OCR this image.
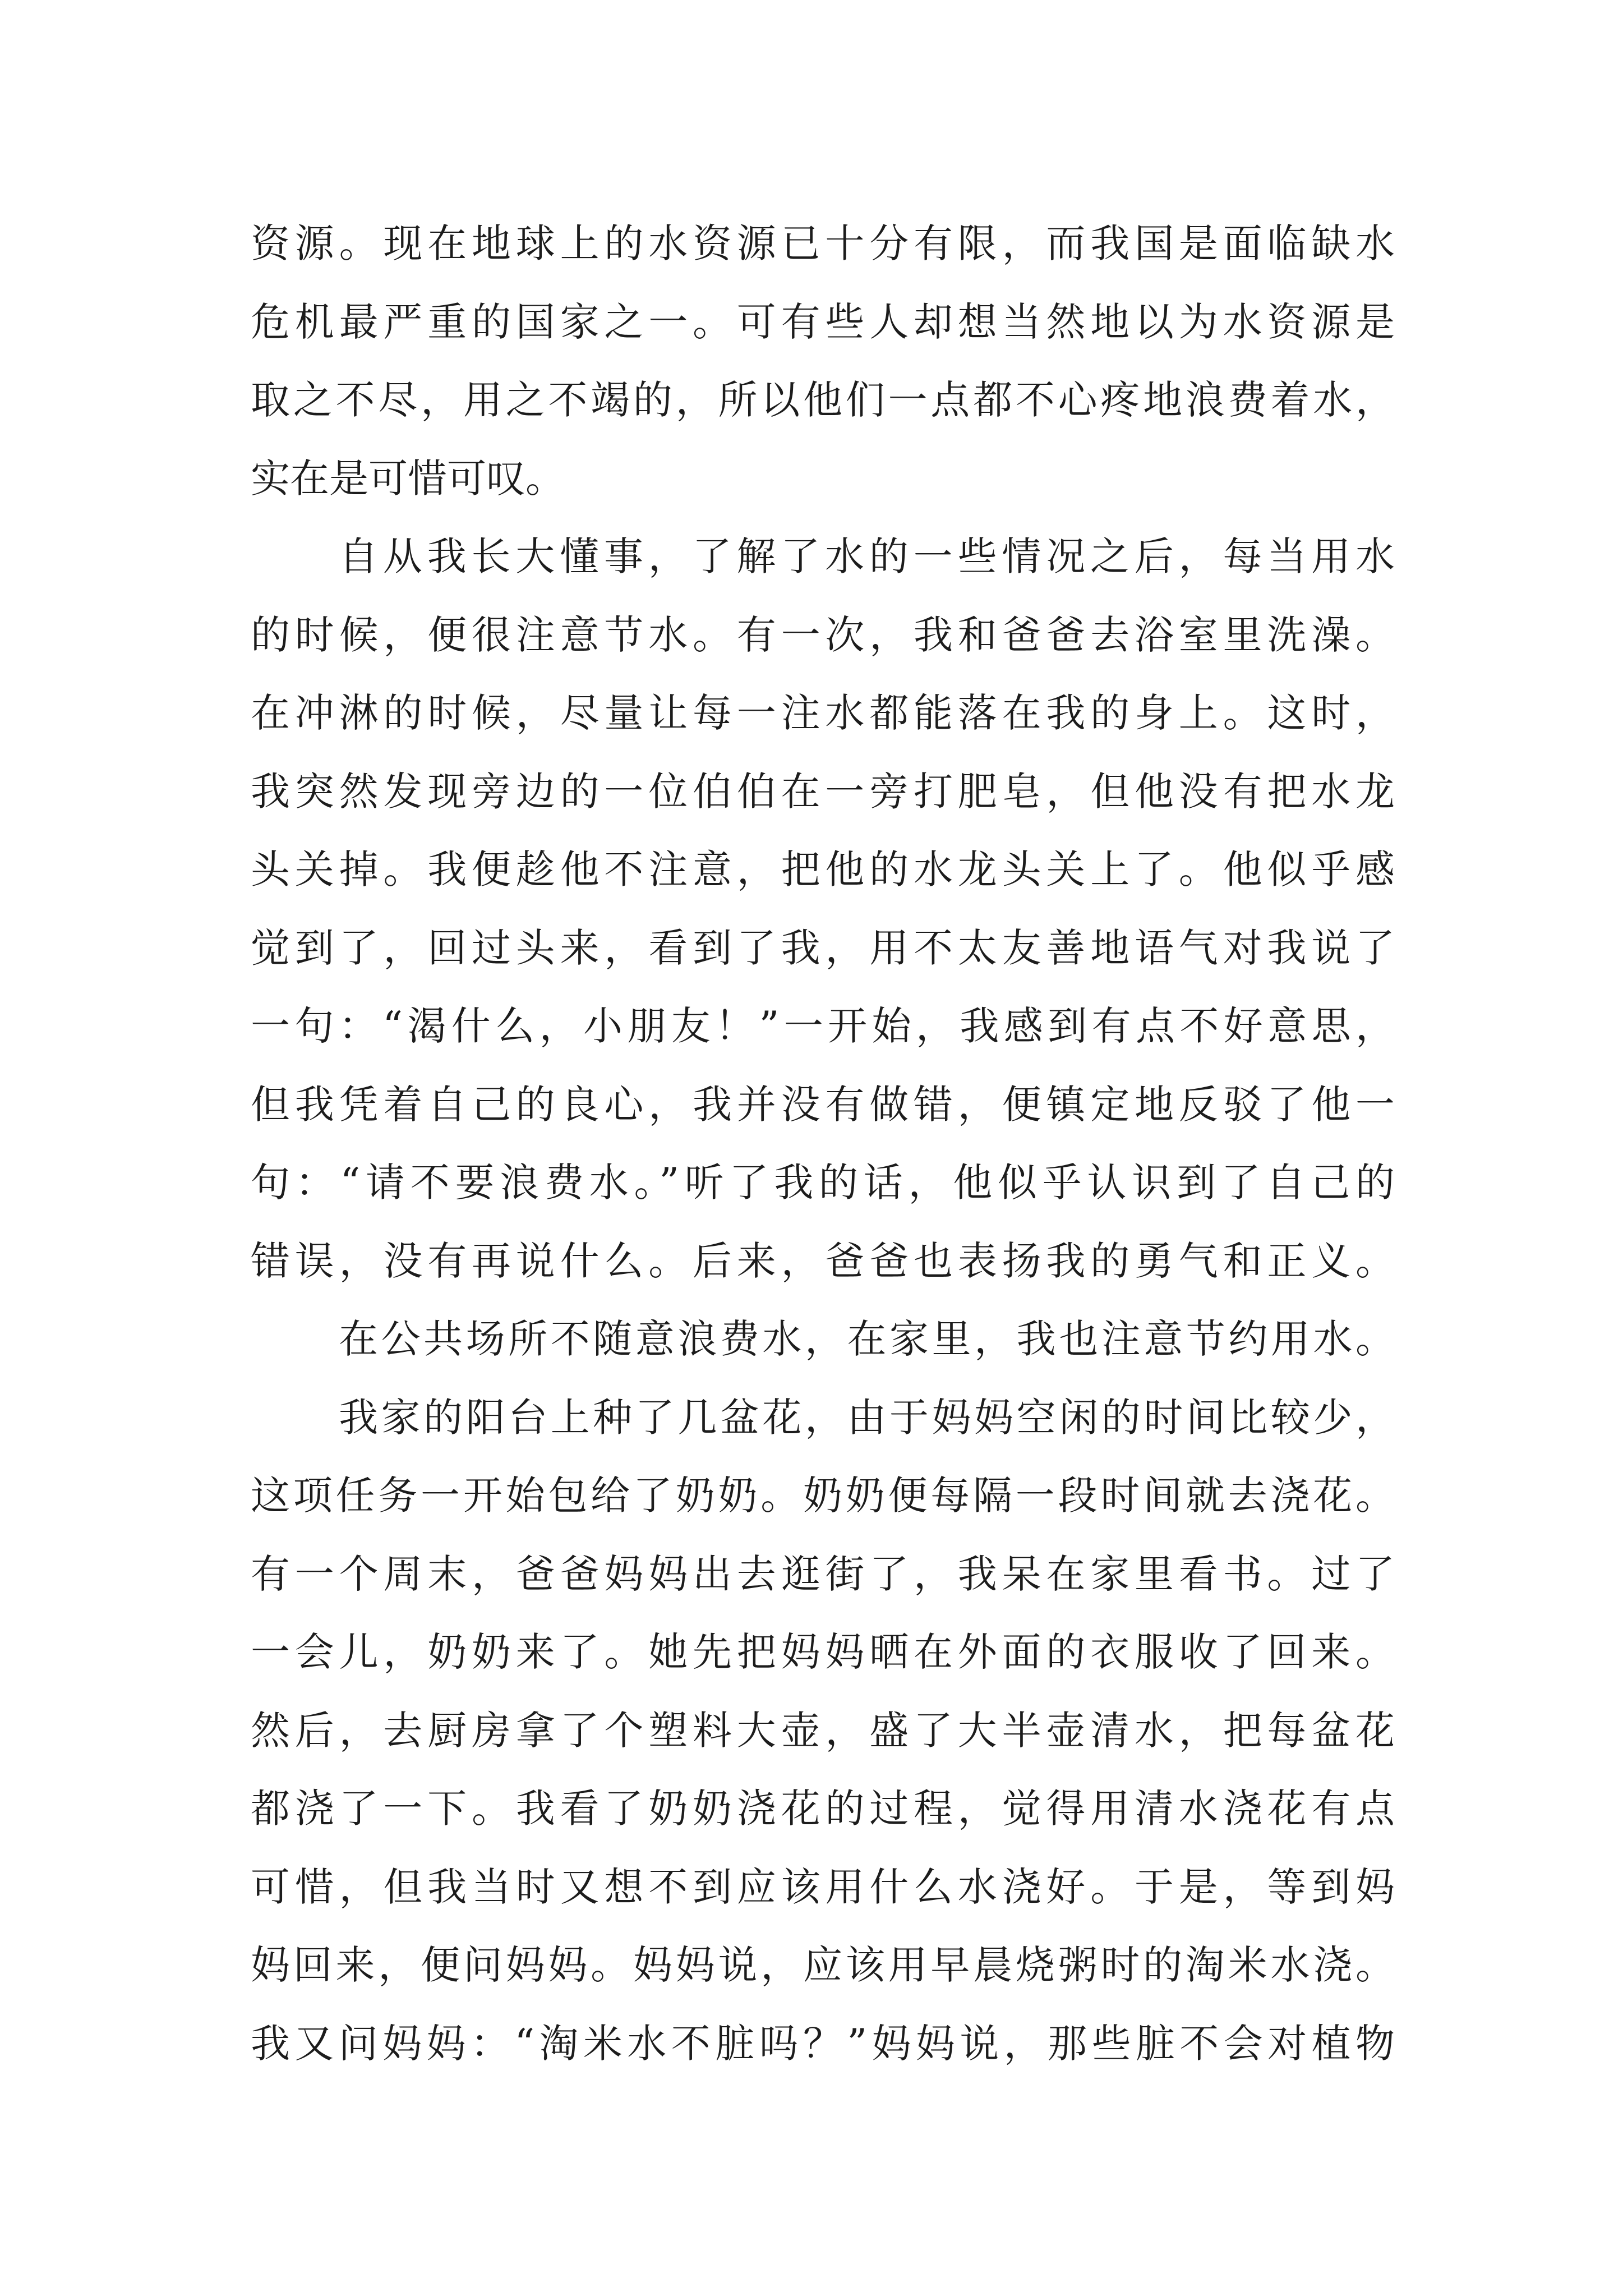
资源。现在地球上的水资源已十分有限，而我国是面临缺水
危机最严重的国家之一。可有些人却想当然地以为水资源是
取之不尽，用之不竭的，所以他们一点都不心疼地浪费着水，
实在是可惜可叹。
自从我长大懂事，了解了水的一些情况之后，每当用水
的时候，便很注意节水。有一次，我和爸爸去浴室里洗澡。
在冲淋的时候，尽量让每一注水都能落在我的身上。这时，
我突然发现旁边的一位伯伯在一旁打肥皂，但他没有把水龙
头关掉。我便趁他不注意，把他的水龙头关上了。他似乎感
觉到了，回过头来，看到了我，用不太友善地语气对我说了
一句：“渴什么，小朋友！”一开始，我感到有点不好意思，
但我凭着自己的良心，我并没有做错，便镇定地反驳了他一
句：“请不要浪费水。”听了我的话，他似乎认识到了自己的
错误，没有再说什么。后来，爸爸也表扬我的勇气和正义。
在公共场所不随意浪费水，在家里，我也注意节约用水。
我家的阳台上种了几盆花，由于妈妈空闲的时间比较少，
这项任务一开始包给了奶奶。奶奶便每隔一段时间就去浇花。
有一个周末，爸爸妈妈出去逛街了，我呆在家里看书。过了
一会儿，奶奶来了。她先把妈妈晒在外面的衣服收了回来。
然后，去厨房拿了个塑料大壶，盛了大半壶清水，把每盆花
都浇了一下。我看了奶奶浇花的过程，觉得用清水浇花有点
可惜，但我当时又想不到应该用什么水浇好。于是，等到妈
妈回来，便问妈妈。妈妈说，应该用早晨烧粥时的淘米水浇。
我又问妈妈：“淘米水不脏吗？”妈妈说，那些脏不会对植物
